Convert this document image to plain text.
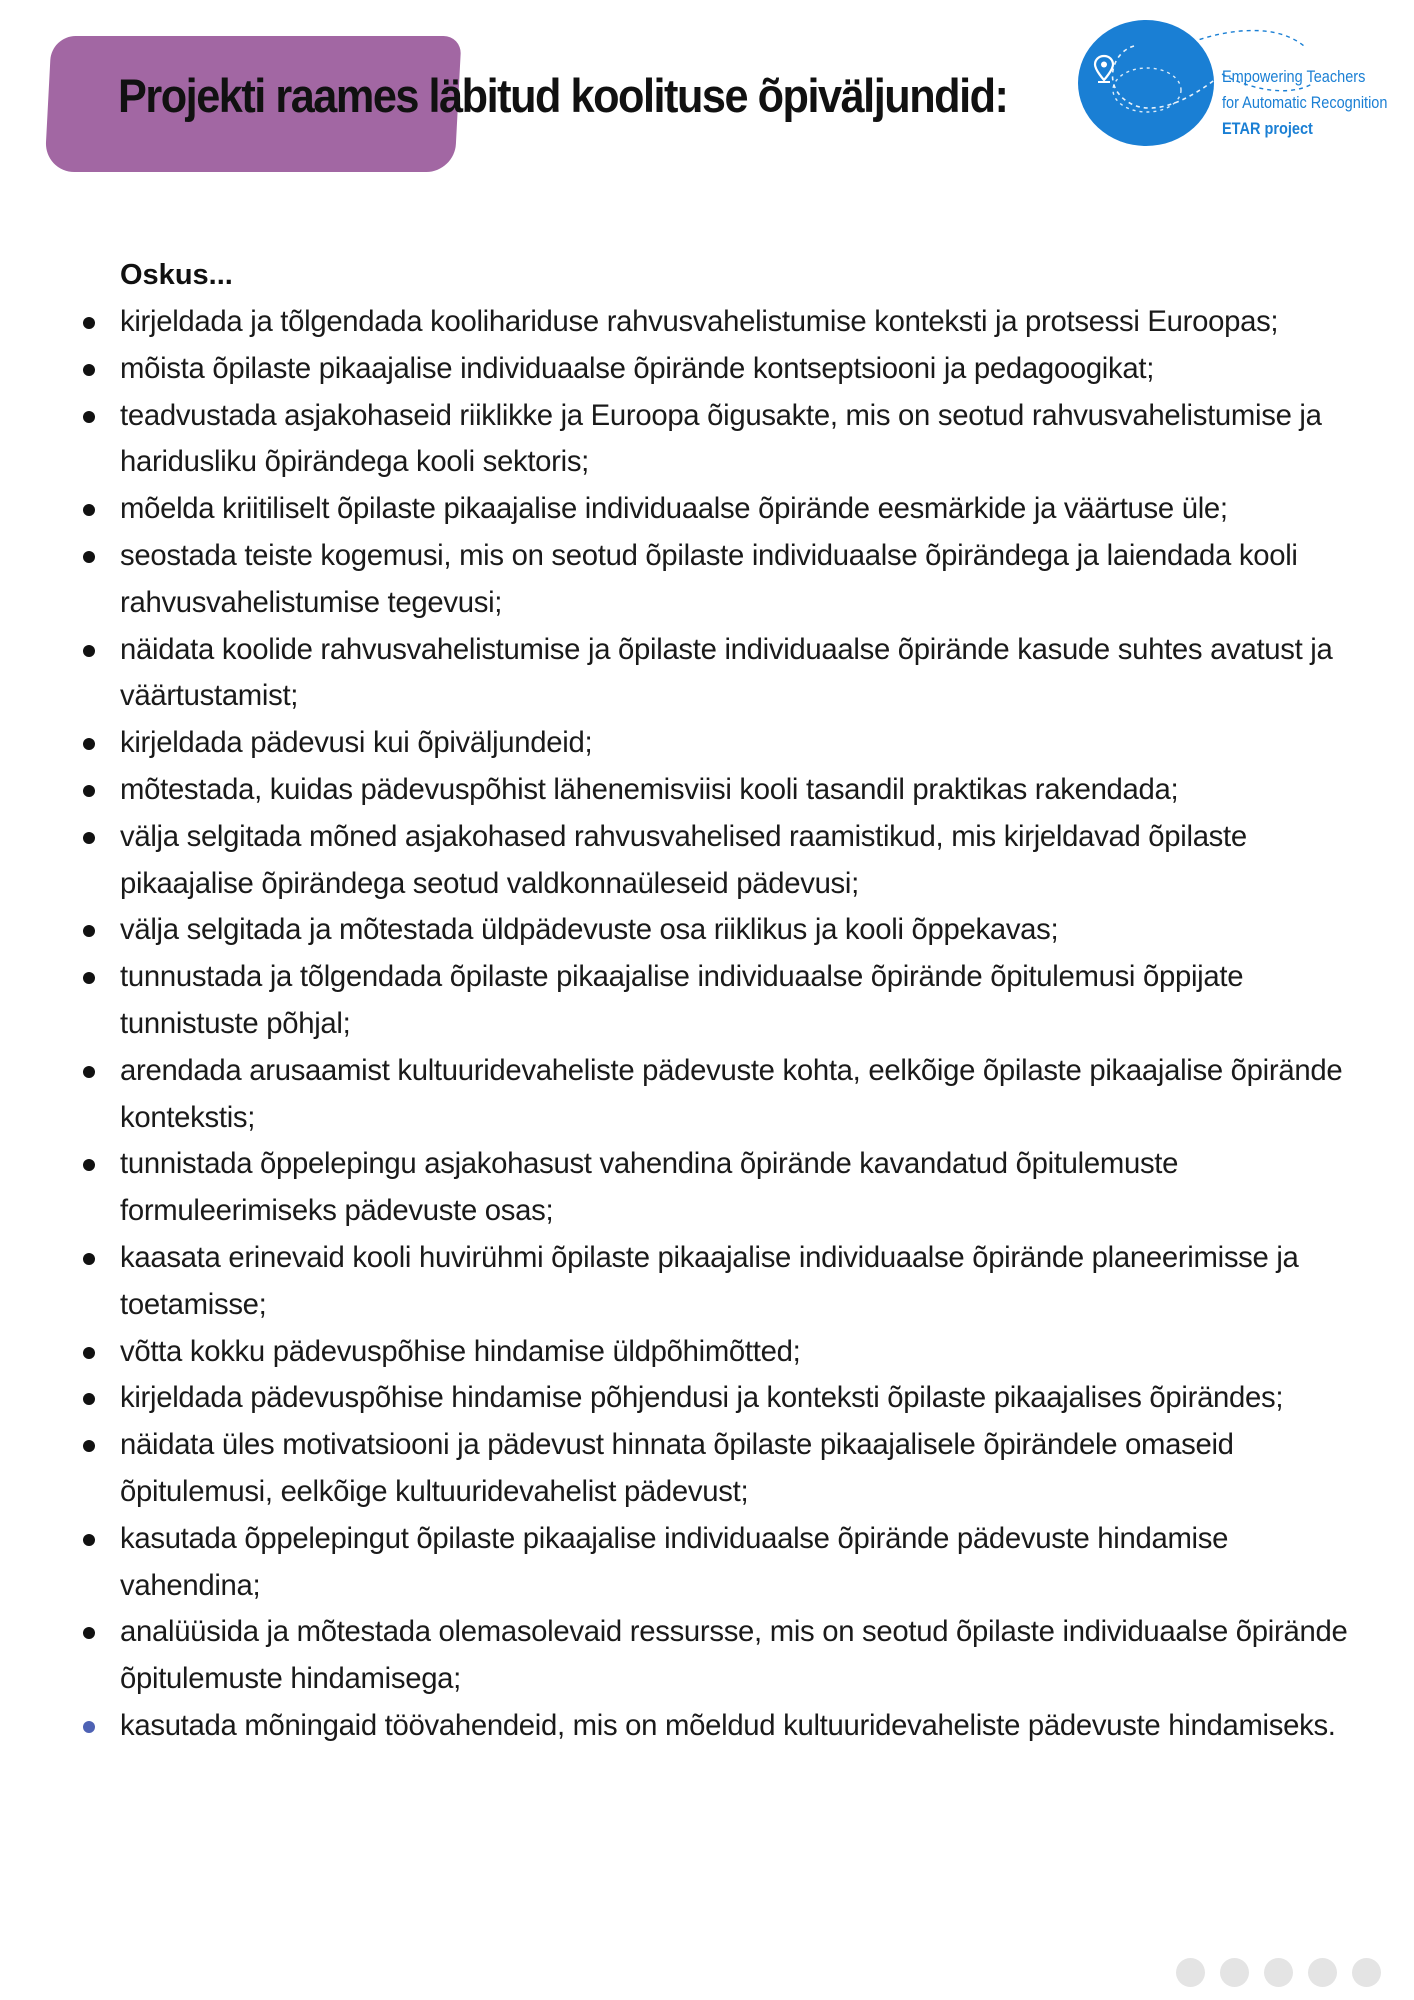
Projekti raames läbitud koolituse õpiväljundid:	Empowering Teachers
for Automatic Recognition
ETAR project
Oskus...
kirjeldada ja tõlgendada koolihariduse rahvusvahelistumise konteksti ja protsessi Euroopas;
mõista õpilaste pikaajalise individuaalse õpirände kontseptsiooni ja pedagoogikat;
teadvustada asjakohaseid riiklikke ja Euroopa õigusakte, mis on seotud rahvusvahelistumise ja haridusliku õpirändega kooli sektoris;
mõelda kriitiliselt õpilaste pikaajalise individuaalse õpirände eesmärkide ja väärtuse üle;
seostada teiste kogemusi, mis on seotud õpilaste individuaalse õpirändega ja laiendada kooli rahvusvahelistumise tegevusi;
näidata koolide rahvusvahelistumise ja õpilaste individuaalse õpirände kasude suhtes avatust ja väärtustamist;
kirjeldada pädevusi kui õpiväljundeid;
mõtestada, kuidas pädevuspõhist lähenemisviisi kooli tasandil praktikas rakendada;
välja selgitada mõned asjakohased rahvusvahelised raamistikud, mis kirjeldavad õpilaste pikaajalise õpirändega seotud valdkonnaüleseid pädevusi;
välja selgitada ja mõtestada üldpädevuste osa riiklikus ja kooli õppekavas;
tunnustada ja tõlgendada õpilaste pikaajalise individuaalse õpirände õpitulemusi õppijate tunnistuste põhjal;
arendada arusaamist kultuuridevaheliste pädevuste kohta, eelkõige õpilaste pikaajalise õpirände kontekstis;
tunnistada õppelepingu asjakohasust vahendina õpirände kavandatud õpitulemuste formuleerimiseks pädevuste osas;
kaasata erinevaid kooli huvirühmi õpilaste pikaajalise individuaalse õpirände planeerimisse ja toetamisse;
võtta kokku pädevuspõhise hindamise üldpõhimõtted;
kirjeldada pädevuspõhise hindamise põhjendusi ja konteksti õpilaste pikaajalises õpirändes;
näidata üles motivatsiooni ja pädevust hinnata õpilaste pikaajalisele õpirändele omaseid õpitulemusi, eelkõige kultuuridevahelist pädevust;
kasutada õppelepingut õpilaste pikaajalise individuaalse õpirände pädevuste hindamise vahendina;
analüüsida ja mõtestada olemasolevaid ressursse, mis on seotud õpilaste individuaalse õpirände õpitulemuste hindamisega;
kasutada mõningaid töövahendeid, mis on mõeldud kultuuridevaheliste pädevuste hindamiseks.
